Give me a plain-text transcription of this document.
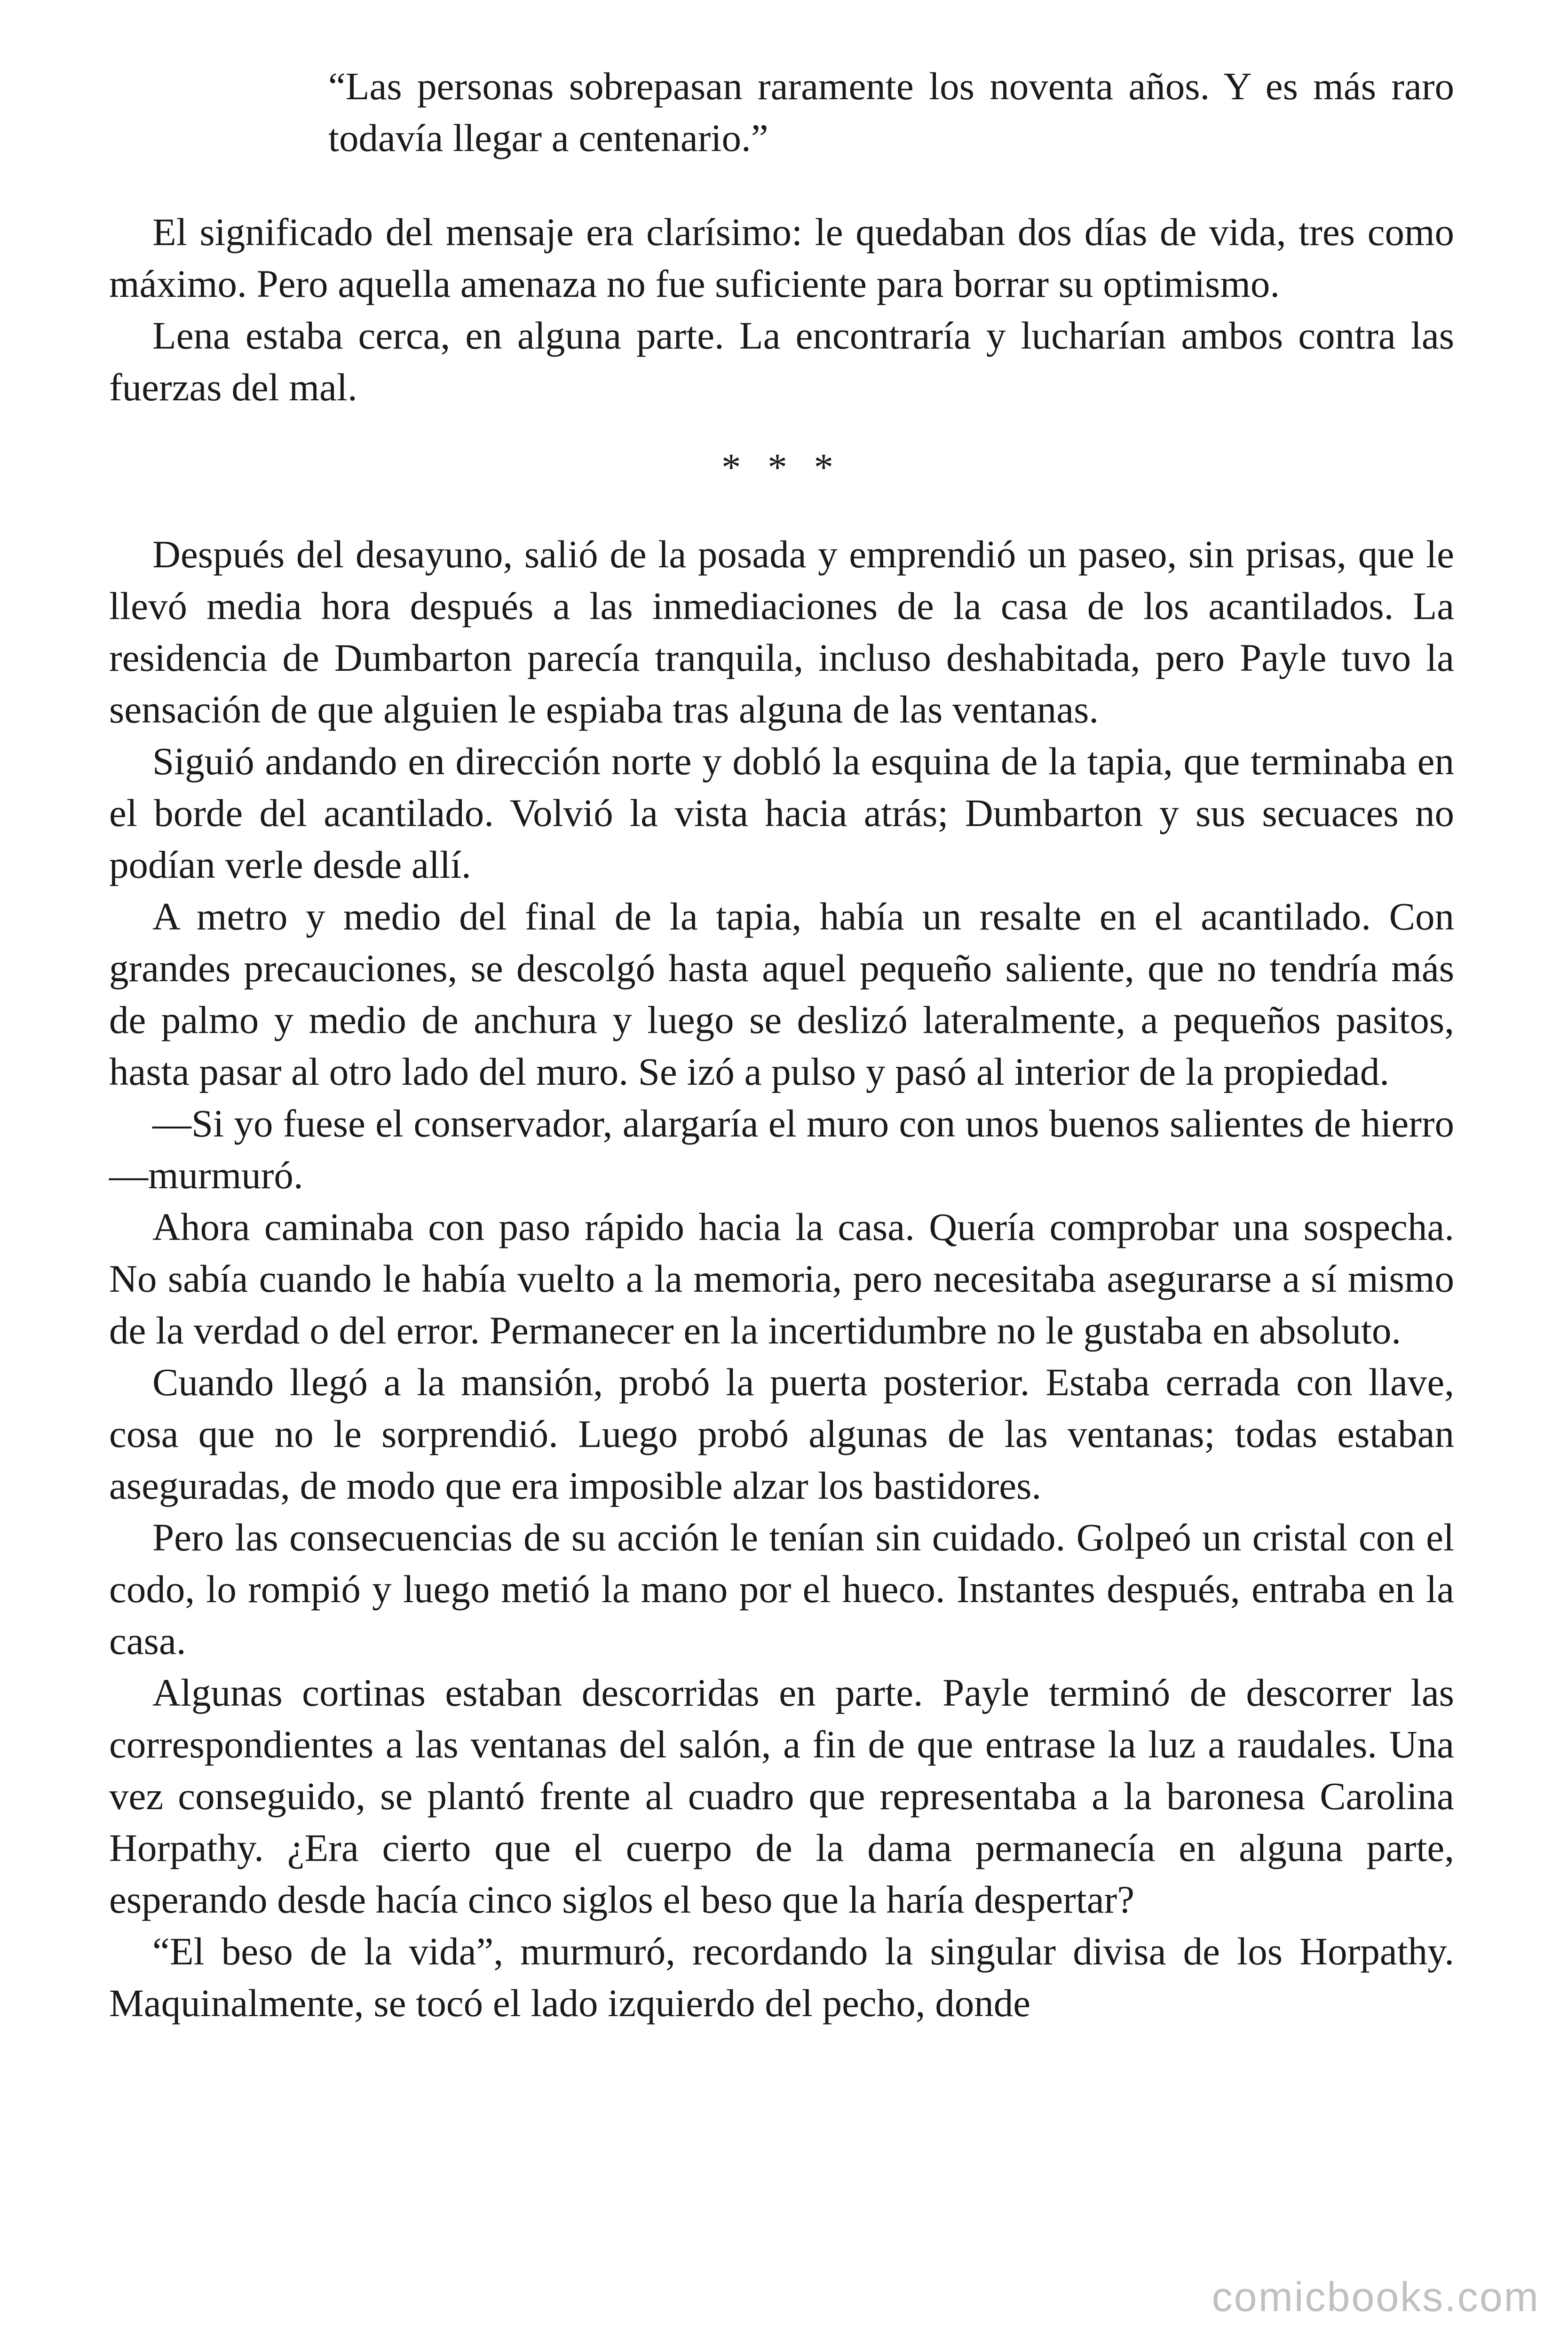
“Las personas sobrepasan raramente los noventa años. Y es más raro todavía llegar a centenario.”

El significado del mensaje era clarísimo: le quedaban dos días de vida, tres como máximo. Pero aquella amenaza no fue suficiente para borrar su optimismo.

Lena estaba cerca, en alguna parte. La encontraría y lucharían ambos contra las fuerzas del mal.

* * *

Después del desayuno, salió de la posada y emprendió un paseo, sin prisas, que le llevó media hora después a las inmediaciones de la casa de los acantilados. La residencia de Dumbarton parecía tranquila, incluso deshabitada, pero Payle tuvo la sensación de que alguien le espiaba tras alguna de las ventanas.

Siguió andando en dirección norte y dobló la esquina de la tapia, que terminaba en el borde del acantilado. Volvió la vista hacia atrás; Dumbarton y sus secuaces no podían verle desde allí.

A metro y medio del final de la tapia, había un resalte en el acantilado. Con grandes precauciones, se descolgó hasta aquel pequeño saliente, que no tendría más de palmo y medio de anchura y luego se deslizó lateralmente, a pequeños pasitos, hasta pasar al otro lado del muro. Se izó a pulso y pasó al interior de la propiedad.

—Si yo fuese el conservador, alargaría el muro con unos buenos salientes de hierro —murmuró.

Ahora caminaba con paso rápido hacia la casa. Quería comprobar una sospecha. No sabía cuando le había vuelto a la memoria, pero necesitaba asegurarse a sí mismo de la verdad o del error. Permanecer en la incertidumbre no le gustaba en absoluto.

Cuando llegó a la mansión, probó la puerta posterior. Estaba cerrada con llave, cosa que no le sorprendió. Luego probó algunas de las ventanas; todas estaban aseguradas, de modo que era imposible alzar los bastidores.

Pero las consecuencias de su acción le tenían sin cuidado. Golpeó un cristal con el codo, lo rompió y luego metió la mano por el hueco. Instantes después, entraba en la casa.

Algunas cortinas estaban descorridas en parte. Payle terminó de descorrer las correspondientes a las ventanas del salón, a fin de que entrase la luz a raudales. Una vez conseguido, se plantó frente al cuadro que representaba a la baronesa Carolina Horpathy. ¿Era cierto que el cuerpo de la dama permanecía en alguna parte, esperando desde hacía cinco siglos el beso que la haría despertar?

“El beso de la vida”, murmuró, recordando la singular divisa de los Horpathy. Maquinalmente, se tocó el lado izquierdo del pecho, donde

comicbooks.com
